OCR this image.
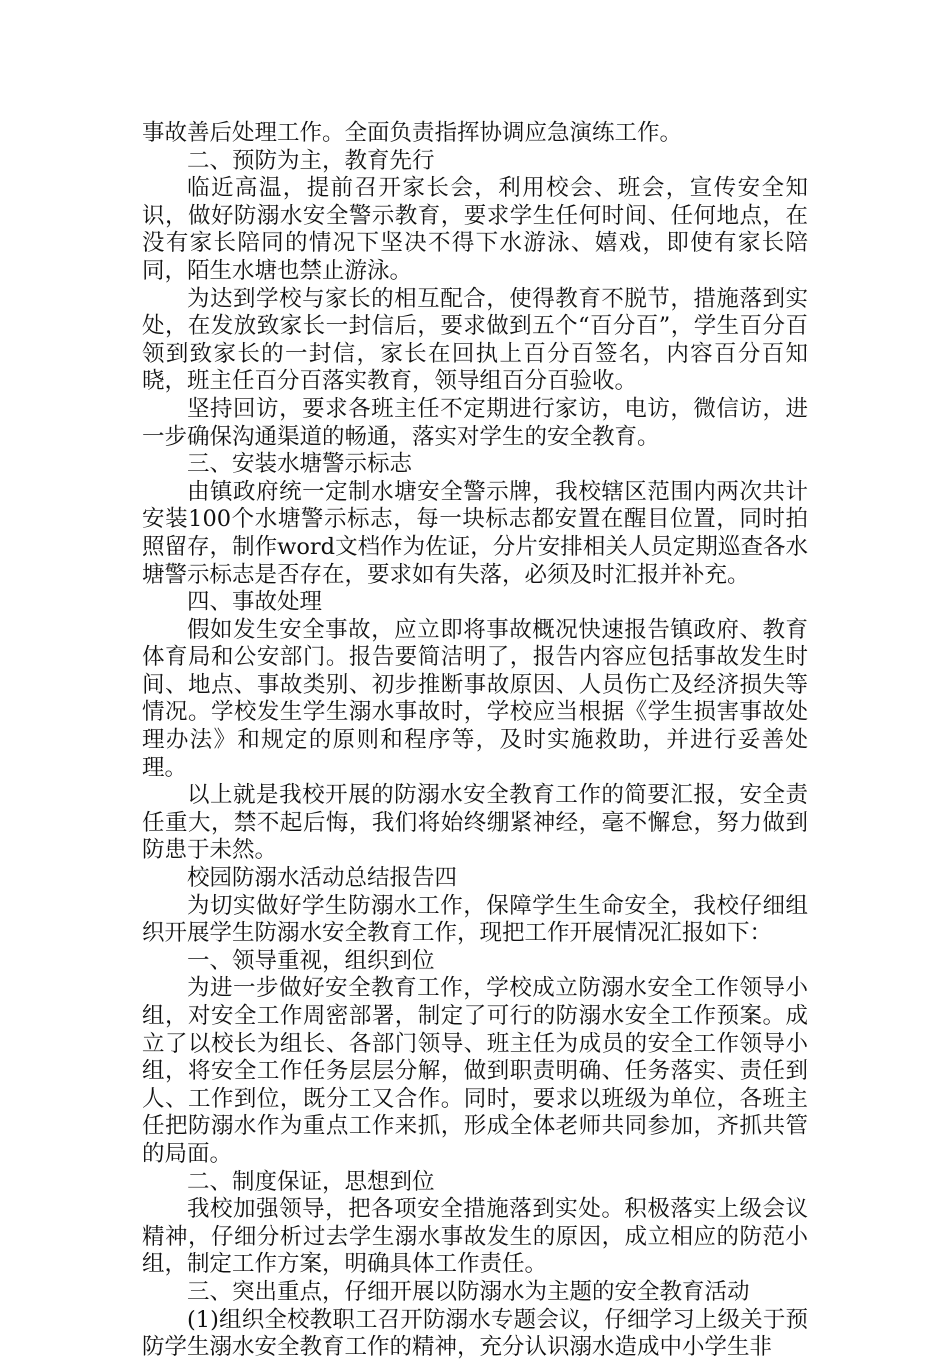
事故善后处理工作。全面负责指挥协调应急演练工作。

二、预防为主，教育先行

临近高温，提前召开家长会，利用校会、班会，宣传安全知识，做好防溺水安全警示教育，要求学生任何时间、任何地点，在没有家长陪同的情况下坚决不得下水游泳、嬉戏，即使有家长陪同，陌生水塘也禁止游泳。

为达到学校与家长的相互配合，使得教育不脱节，措施落到实处，在发放致家长一封信后，要求做到五个“百分百”，学生百分百领到致家长的一封信，家长在回执上百分百签名，内容百分百知晓，班主任百分百落实教育，领导组百分百验收。

坚持回访，要求各班主任不定期进行家访，电访，微信访，进一步确保沟通渠道的畅通，落实对学生的安全教育。

三、安装水塘警示标志

由镇政府统一定制水塘安全警示牌，我校辖区范围内两次共计安装100个水塘警示标志，每一块标志都安置在醒目位置，同时拍照留存，制作word文档作为佐证，分片安排相关人员定期巡查各水塘警示标志是否存在，要求如有失落，必须及时汇报并补充。

四、事故处理

假如发生安全事故，应立即将事故概况快速报告镇政府、教育体育局和公安部门。报告要简洁明了，报告内容应包括事故发生时间、地点、事故类别、初步推断事故原因、人员伤亡及经济损失等情况。学校发生学生溺水事故时，学校应当根据《学生损害事故处理办法》和规定的原则和程序等，及时实施救助，并进行妥善处理。

以上就是我校开展的防溺水安全教育工作的简要汇报，安全责任重大，禁不起后悔，我们将始终绷紧神经，毫不懈怠，努力做到防患于未然。

校园防溺水活动总结报告四

为切实做好学生防溺水工作，保障学生生命安全，我校仔细组织开展学生防溺水安全教育工作，现把工作开展情况汇报如下：

一、领导重视，组织到位

为进一步做好安全教育工作，学校成立防溺水安全工作领导小组，对安全工作周密部署，制定了可行的防溺水安全工作预案。成立了以校长为组长、各部门领导、班主任为成员的安全工作领导小组，将安全工作任务层层分解，做到职责明确、任务落实、责任到人、工作到位，既分工又合作。同时，要求以班级为单位，各班主任把防溺水作为重点工作来抓，形成全体老师共同参加，齐抓共管的局面。

二、制度保证，思想到位

我校加强领导，把各项安全措施落到实处。积极落实上级会议精神，仔细分析过去学生溺水事故发生的原因，成立相应的防范小组，制定工作方案，明确具体工作责任。

三、突出重点，仔细开展以防溺水为主题的安全教育活动

(1)组织全校教职工召开防溺水专题会议，仔细学习上级关于预防学生溺水安全教育工作的精神，充分认识溺水造成中小学生非
